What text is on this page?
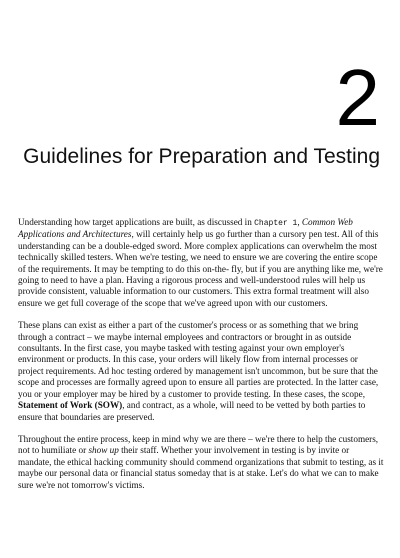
2
Guidelines for Preparation and Testing

Understanding how target applications are built, as discussed in Chapter 1, Common Web Applications and Architectures, will certainly help us go further than a cursory pen test. All of this understanding can be a double-edged sword. More complex applications can overwhelm the most technically skilled testers. When we're testing, we need to ensure we are covering the entire scope of the requirements. It may be tempting to do this on-the- fly, but if you are anything like me, we're going to need to have a plan. Having a rigorous process and well-understood rules will help us provide consistent, valuable information to our customers. This extra formal treatment will also ensure we get full coverage of the scope that we've agreed upon with our customers.

These plans can exist as either a part of the customer's process or as something that we bring through a contract – we maybe internal employees and contractors or brought in as outside consultants. In the first case, you maybe tasked with testing against your own employer's environment or products. In this case, your orders will likely flow from internal processes or project requirements. Ad hoc testing ordered by management isn't uncommon, but be sure that the scope and processes are formally agreed upon to ensure all parties are protected. In the latter case, you or your employer may be hired by a customer to provide testing. In these cases, the scope, Statement of Work (SOW), and contract, as a whole, will need to be vetted by both parties to ensure that boundaries are preserved.

Throughout the entire process, keep in mind why we are there – we're there to help the customers, not to humiliate or show up their staff. Whether your involvement in testing is by invite or mandate, the ethical hacking community should commend organizations that submit to testing, as it maybe our personal data or financial status someday that is at stake. Let's do what we can to make sure we're not tomorrow's victims.
